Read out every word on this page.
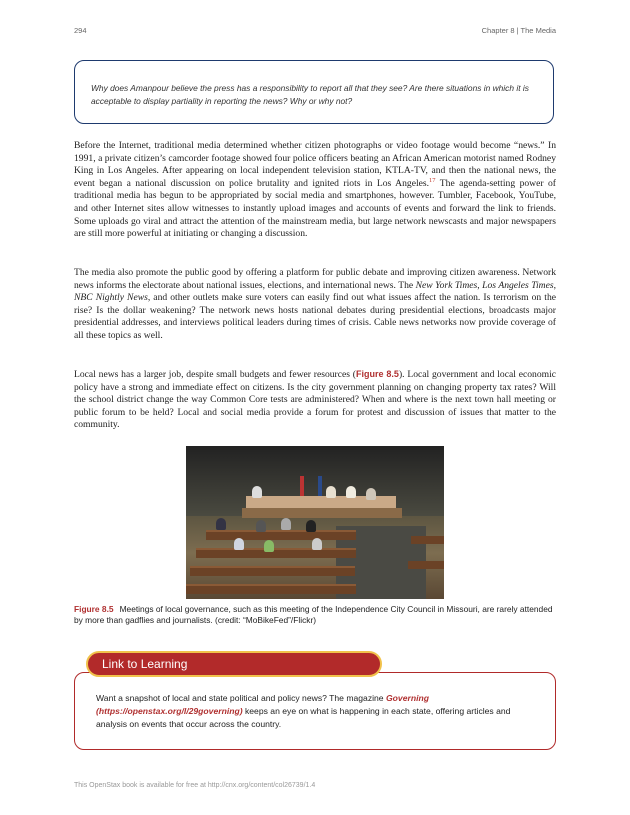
294	Chapter 8 | The Media
Why does Amanpour believe the press has a responsibility to report all that they see? Are there situations in which it is acceptable to display partiality in reporting the news? Why or why not?

Before the Internet, traditional media determined whether citizen photographs or video footage would become “news.” In 1991, a private citizen’s camcorder footage showed four police officers beating an African American motorist named Rodney King in Los Angeles. After appearing on local independent television station, KTLA-TV, and then the national news, the event began a national discussion on police brutality and ignited riots in Los Angeles.$^{17}$ The agenda-setting power of traditional media has begun to be appropriated by social media and smartphones, however. Tumbler, Facebook, YouTube, and other Internet sites allow witnesses to instantly upload images and accounts of events and forward the link to friends. Some uploads go viral and attract the attention of the mainstream media, but large network newscasts and major newspapers are still more powerful at initiating or changing a discussion.

The media also promote the public good by offering a platform for public debate and improving citizen awareness. Network news informs the electorate about national issues, elections, and international news. The New York Times, Los Angeles Times, NBC Nightly News, and other outlets make sure voters can easily find out what issues affect the nation. Is terrorism on the rise? Is the dollar weakening? The network news hosts national debates during presidential elections, broadcasts major presidential addresses, and interviews political leaders during times of crisis. Cable news networks now provide coverage of all these topics as well.

Local news has a larger job, despite small budgets and fewer resources (Figure 8.5). Local government and local economic policy have a strong and immediate effect on citizens. Is the city government planning on changing property tax rates? Will the school district change the way Common Core tests are administered? When and where is the next town hall meeting or public forum to be held? Local and social media provide a forum for protest and discussion of issues that matter to the community.

Figure 8.5 Meetings of local governance, such as this meeting of the Independence City Council in Missouri, are rarely attended by more than gadflies and journalists. (credit: “MoBikeFed”/Flickr)
Link to Learning
Want a snapshot of local and state political and policy news? The magazine Governing (https://openstax.org/l/29governing) keeps an eye on what is happening in each state, offering articles and analysis on events that occur across the country.
This OpenStax book is available for free at http://cnx.org/content/col26739/1.4
